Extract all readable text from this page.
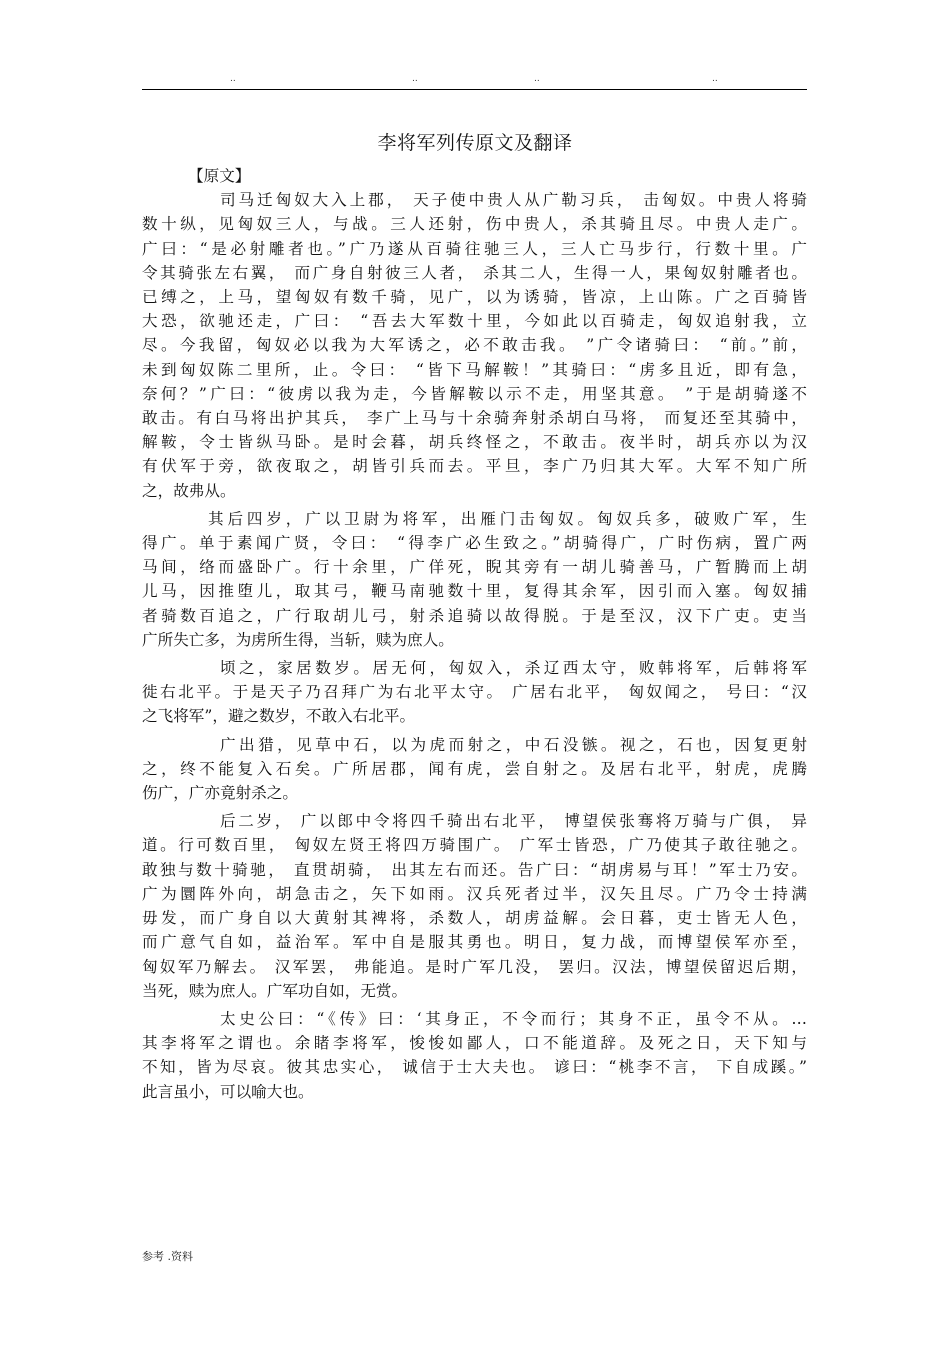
..	..	..	..
李将军列传原文及翻译
【原文】
司马迁匈奴大入上郡， 天子使中贵人从广勒习兵， 击匈奴。中贵人将骑
数十纵，见匈奴三人，与战。三人还射，伤中贵人，杀其骑且尽。中贵人走广。
广曰：“是必射雕者也。”广乃遂从百骑往驰三人，三人亡马步行，行数十里。广
令其骑张左右翼， 而广身自射彼三人者， 杀其二人，生得一人，果匈奴射雕者也。
已缚之，上马，望匈奴有数千骑，见广，以为诱骑，皆凉，上山陈。广之百骑皆
大恐，欲驰还走，广曰： “吾去大军数十里，今如此以百骑走，匈奴追射我，立
尽。今我留，匈奴必以我为大军诱之，必不敢击我。 ”广令诸骑曰： “前。”前，
未到匈奴陈二里所，止。令曰： “皆下马解鞍！”其骑曰：“虏多且近，即有急，
奈何？”广曰：“彼虏以我为走，今皆解鞍以示不走，用坚其意。 ”于是胡骑遂不
敢击。有白马将出护其兵， 李广上马与十余骑奔射杀胡白马将， 而复还至其骑中，
解鞍，令士皆纵马卧。是时会暮，胡兵终怪之，不敢击。夜半时，胡兵亦以为汉
有伏军于旁，欲夜取之，胡皆引兵而去。平旦，李广乃归其大军。大军不知广所
之，故弗从。
其后四岁，广以卫尉为将军，出雁门击匈奴。匈奴兵多，破败广军，生
得广。单于素闻广贤，令曰： “得李广必生致之。”胡骑得广，广时伤病，置广两
马间，络而盛卧广。行十余里，广佯死，睨其旁有一胡儿骑善马，广暂腾而上胡
儿马，因推堕儿，取其弓，鞭马南驰数十里，复得其余军，因引而入塞。匈奴捕
者骑数百追之，广行取胡儿弓，射杀追骑以故得脱。于是至汉，汉下广吏。吏当
广所失亡多，为虏所生得，当斩，赎为庶人。
顷之，家居数岁。居无何，匈奴入，杀辽西太守，败韩将军，后韩将军
徙右北平。于是天子乃召拜广为右北平太守。 广居右北平， 匈奴闻之， 号曰：“汉
之飞将军”，避之数岁，不敢入右北平。
广出猎，见草中石，以为虎而射之，中石没镞。视之，石也，因复更射
之，终不能复入石矣。广所居郡，闻有虎，尝自射之。及居右北平，射虎，虎腾
伤广，广亦竟射杀之。
后二岁， 广以郎中令将四千骑出右北平， 博望侯张骞将万骑与广俱， 异
道。行可数百里， 匈奴左贤王将四万骑围广。 广军士皆恐，广乃使其子敢往驰之。
敢独与数十骑驰， 直贯胡骑， 出其左右而还。告广曰：“胡虏易与耳！”军士乃安。
广为圜阵外向，胡急击之，矢下如雨。汉兵死者过半，汉矢且尽。广乃令士持满
毋发，而广身自以大黄射其裨将，杀数人，胡虏益解。会日暮，吏士皆无人色，
而广意气自如，益治军。军中自是服其勇也。明日，复力战，而博望侯军亦至，
匈奴军乃解去。 汉军罢， 弗能追。是时广军几没， 罢归。汉法，博望侯留迟后期，
当死，赎为庶人。广军功自如，无赏。
太史公曰：“《传》曰：‘其身正，不令而行；其身不正，虽令不从。…
其李将军之谓也。余睹李将军，悛悛如鄙人，口不能道辞。及死之日，天下知与
不知，皆为尽哀。彼其忠实心， 诚信于士大夫也。 谚曰：“桃李不言， 下自成蹊。”
此言虽小，可以喻大也。
参考 .资料
